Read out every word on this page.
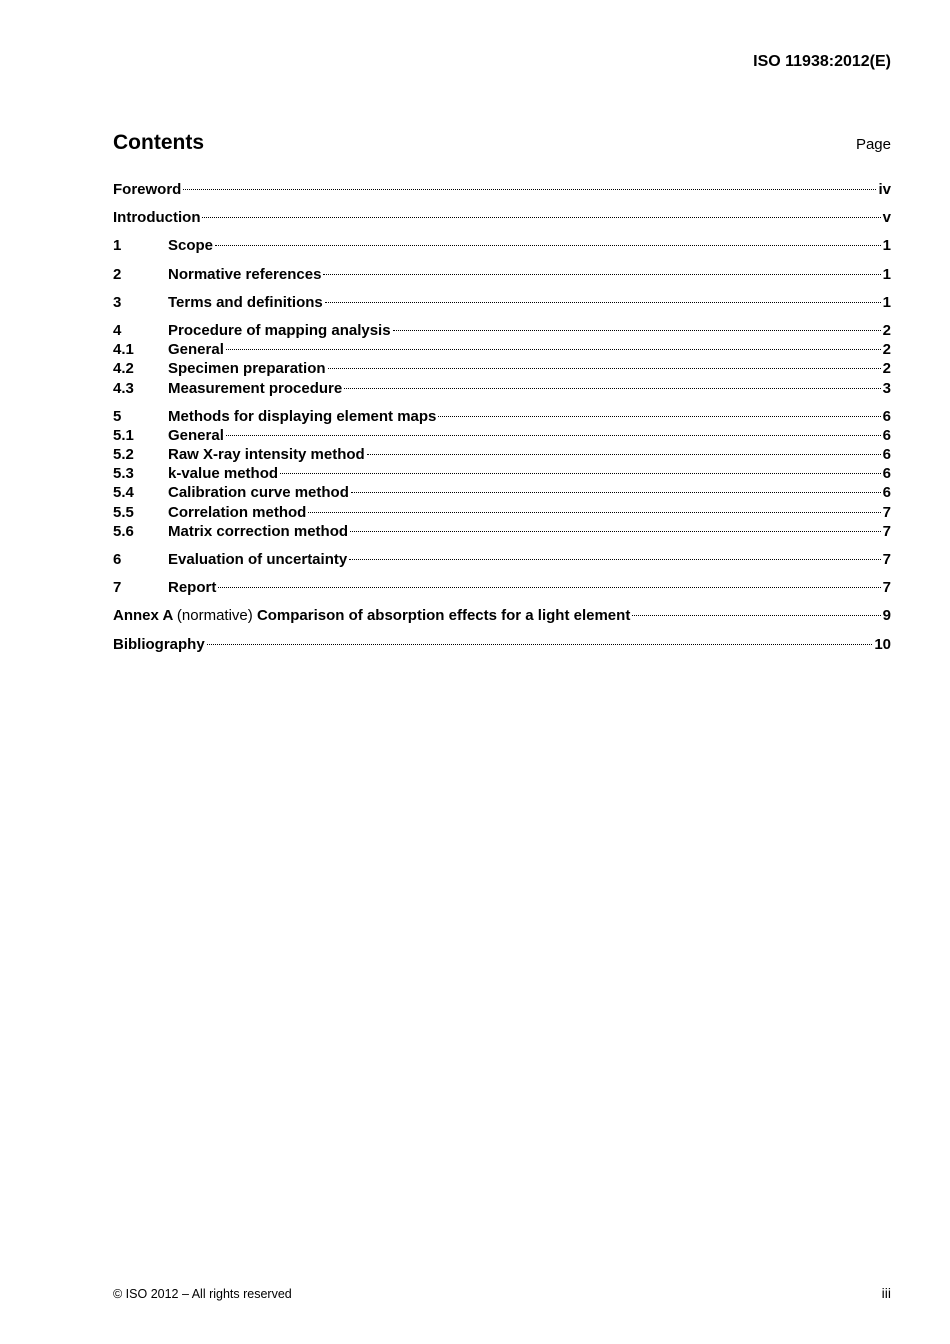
ISO 11938:2012(E)

Contents	Page
Foreword	iv
Introduction	v
1	Scope	1
2	Normative references	1
3	Terms and definitions	1
4	Procedure of mapping analysis	2
4.1	General	2
4.2	Specimen preparation	2
4.3	Measurement procedure	3
5	Methods for displaying element maps	6
5.1	General	6
5.2	Raw X-ray intensity method	6
5.3	k-value method	6
5.4	Calibration curve method	6
5.5	Correlation method	7
5.6	Matrix correction method	7
6	Evaluation of uncertainty	7
7	Report	7
Annex A (normative) Comparison of absorption effects for a light element	9
Bibliography	10
© ISO 2012 – All rights reserved	iii
